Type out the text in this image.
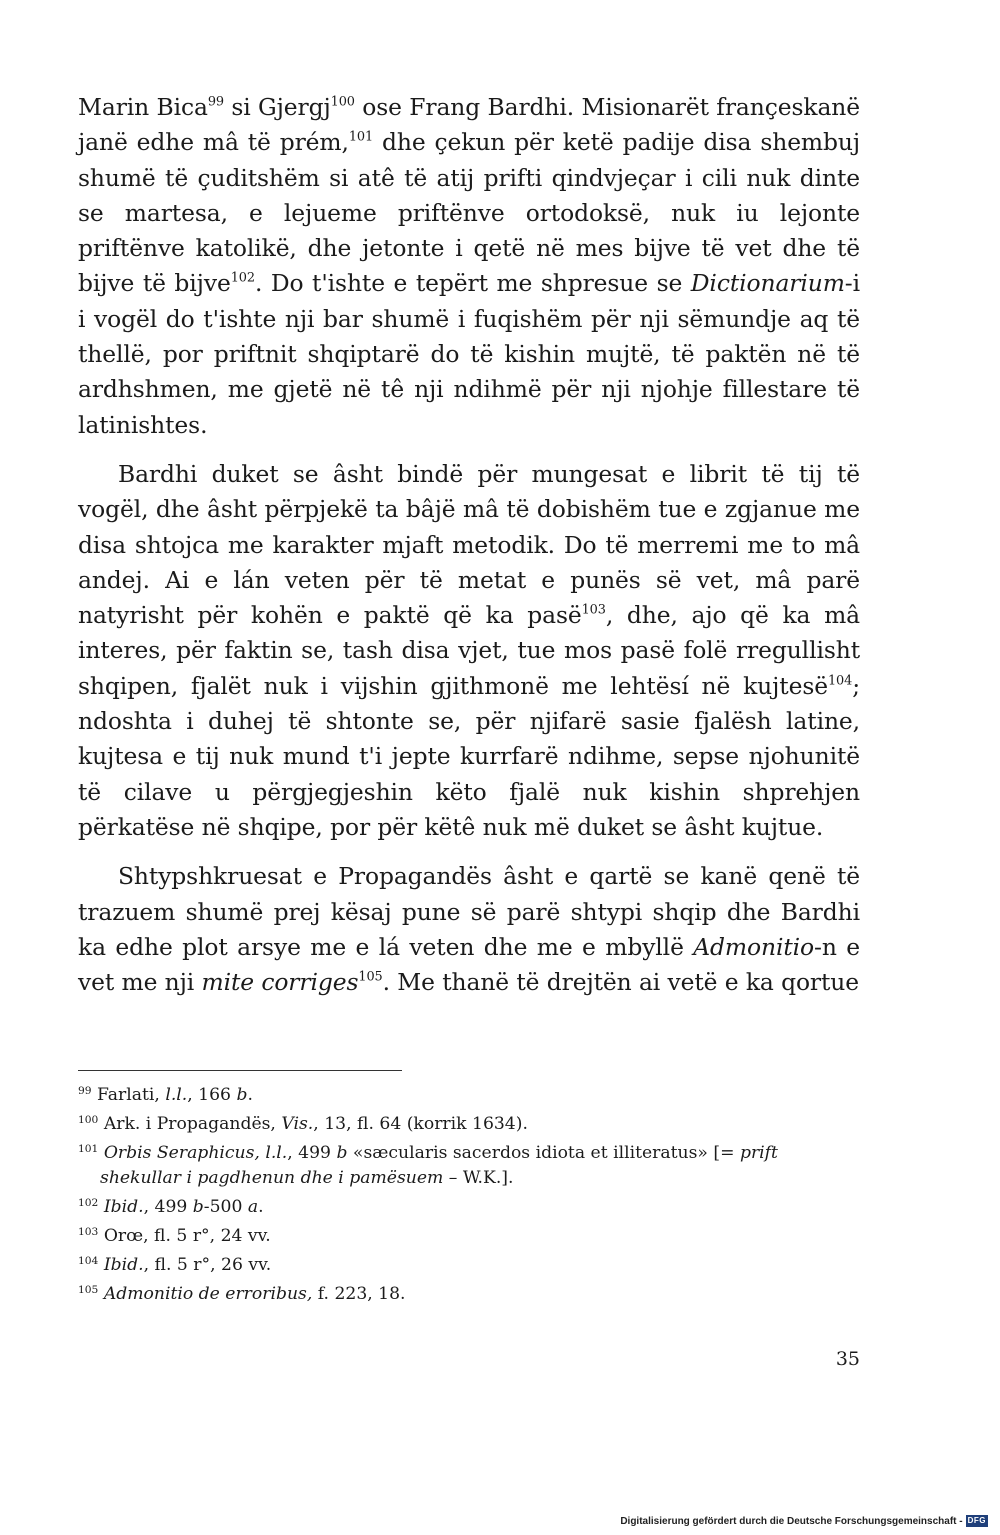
Marin Bica$^{99}$ si Gjergj$^{100}$ ose Frang Bardhi. Misionarët françeskanë janë edhe mâ të prém,$^{101}$ dhe çekun për ketë padije disa shembuj shumë të çuditshëm si atê të atij prifti qindvjeçar i cili nuk dinte se martesa, e lejueme priftënve ortodoksë, nuk iu lejonte priftënve katolikë, dhe jetonte i qetë në mes bijve të vet dhe të bijve të bijve$^{102}$. Do t'ishte e tepërt me shpresue se Dictionarium-i i vogël do t'ishte nji bar shumë i fuqishëm për nji sëmundje aq të thellë, por priftnit shqiptarë do të kishin mujtë, të paktën në të ardhshmen, me gjetë në tê nji ndihmë për nji njohje fillestare të latinishtes.

Bardhi duket se âsht bindë për mungesat e librit të tij të vogël, dhe âsht përpjekë ta bâjë mâ të dobishëm tue e zgjanue me disa shtojca me karakter mjaft metodik. Do të merremi me to mâ andej. Ai e lán veten për të metat e punës së vet, mâ parë natyrisht për kohën e paktë që ka pasë$^{103}$, dhe, ajo që ka mâ interes, për faktin se, tash disa vjet, tue mos pasë folë rregullisht shqipen, fjalët nuk i vijshin gjithmonë me lehtësí në kujtesë$^{104}$; ndoshta i duhej të shtonte se, për njifarë sasie fjalësh latine, kujtesa e tij nuk mund t'i jepte kurrfarë ndihme, sepse njohunitë të cilave u përgjegjeshin këto fjalë nuk kishin shprehjen përkatëse në shqipe, por për këtê nuk më duket se âsht kujtue.

Shtypshkruesat e Propagandës âsht e qartë se kanë qenë të trazuem shumë prej kësaj pune së parë shtypi shqip dhe Bardhi ka edhe plot arsye me e lá veten dhe me e mbyllë Admonitio-n e vet me nji mite corriges$^{105}$. Me thanë të drejtën ai vetë e ka qortue

$^{99}$ Farlati, l.l., 166 b.
$^{100}$ Ark. i Propagandës, Vis., 13, fl. 64 (korrik 1634).
$^{101}$ Orbis Seraphicus, l.l., 499 b «sæcularis sacerdos idiota et illiteratus» [= prift shekullar i pagdhenun dhe i pamësuem – W.K.].
$^{102}$ Ibid., 499 b-500 a.
$^{103}$ Orœ, fl. 5 r°, 24 vv.
$^{104}$ Ibid., fl. 5 r°, 26 vv.
$^{105}$ Admonitio de erroribus, f. 223, 18.
35
Digitalisierung gefördert durch die Deutsche Forschungsgemeinschaft - DFG
